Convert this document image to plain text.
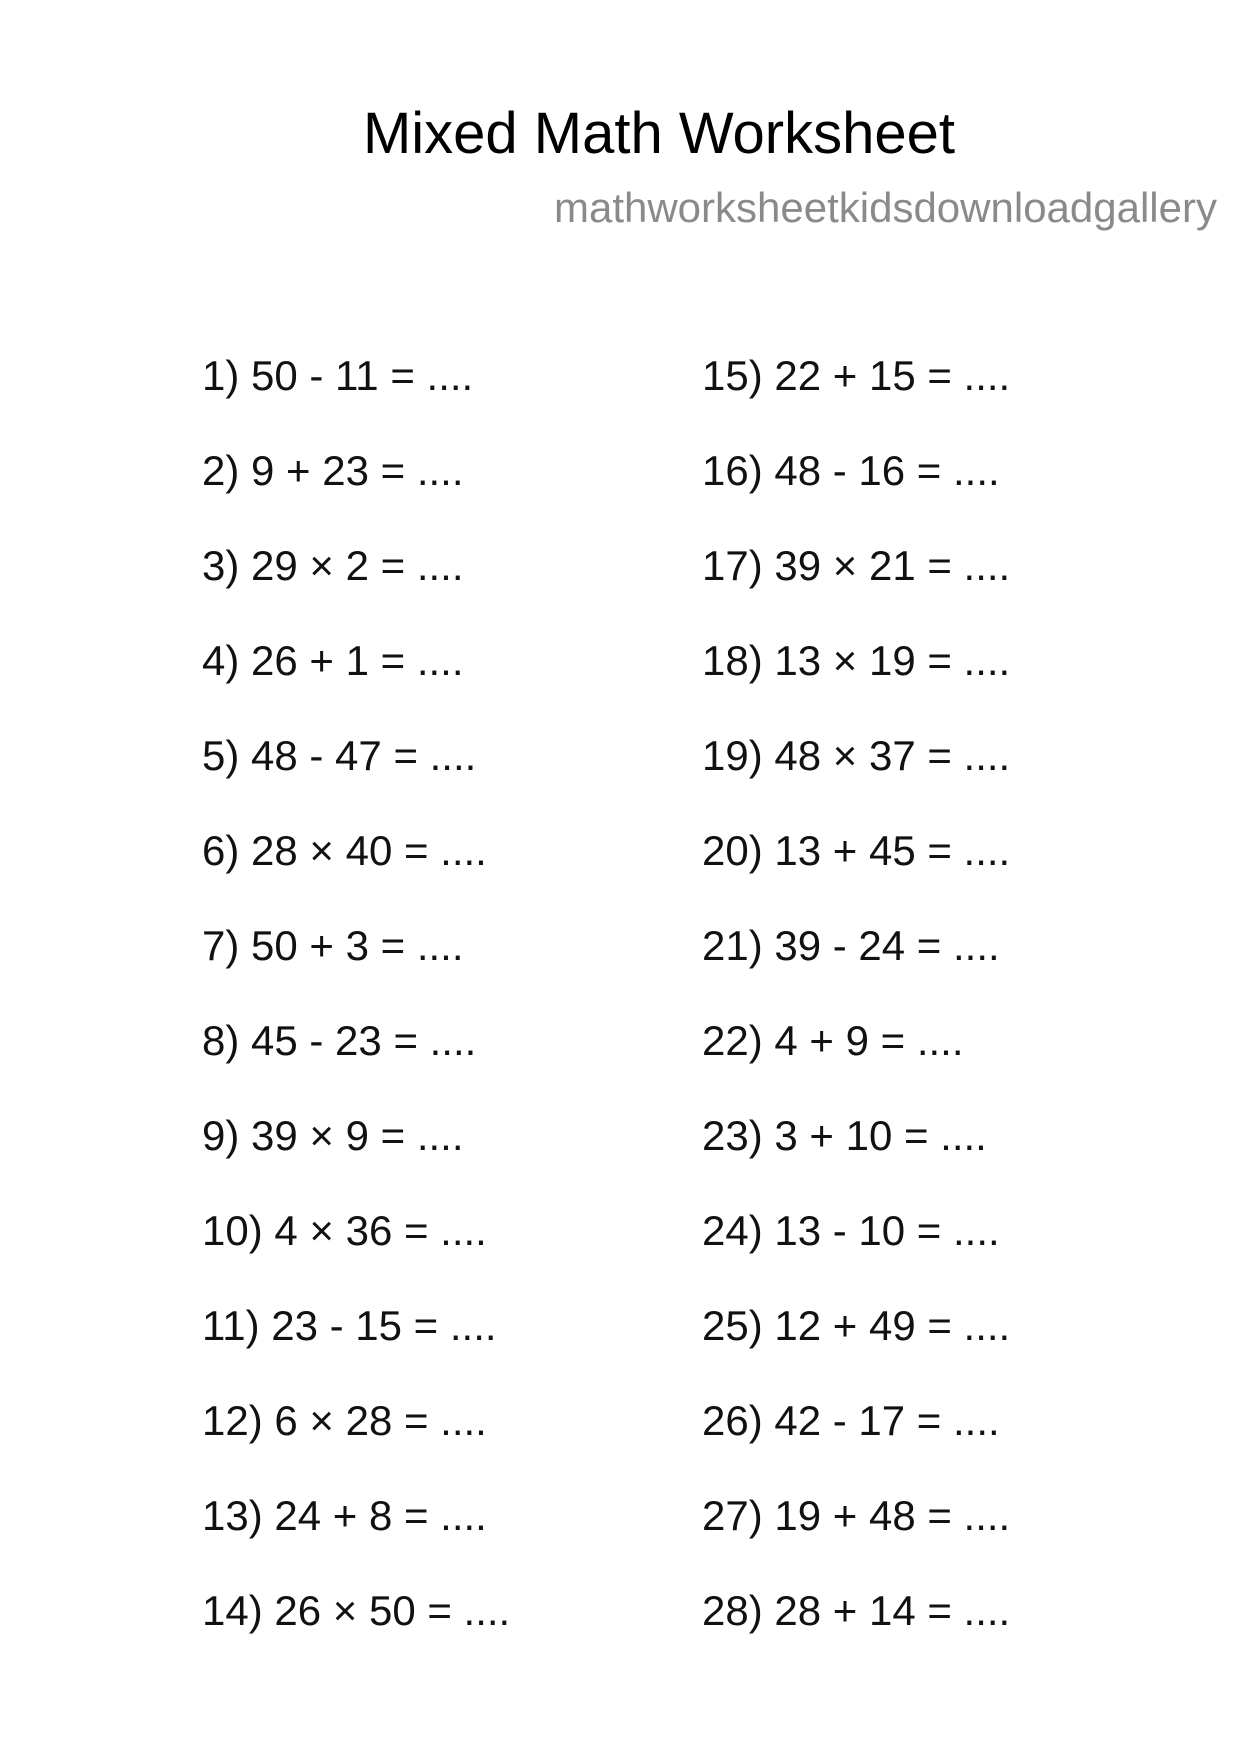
Mixed Math Worksheet
mathworksheetkidsdownloadgallery
1) 50 - 11 = ....
2) 9 + 23 = ....
3) 29 × 2 = ....
4) 26 + 1 = ....
5) 48 - 47 = ....
6) 28 × 40 = ....
7) 50 + 3 = ....
8) 45 - 23 = ....
9) 39 × 9 = ....
10) 4 × 36 = ....
11) 23 - 15 = ....
12) 6 × 28 = ....
13) 24 + 8 = ....
14) 26 × 50 = ....
15) 22 + 15 = ....
16) 48 - 16 = ....
17) 39 × 21 = ....
18) 13 × 19 = ....
19) 48 × 37 = ....
20) 13 + 45 = ....
21) 39 - 24 = ....
22) 4 + 9 = ....
23) 3 + 10 = ....
24) 13 - 10 = ....
25) 12 + 49 = ....
26) 42 - 17 = ....
27) 19 + 48 = ....
28) 28 + 14 = ....
